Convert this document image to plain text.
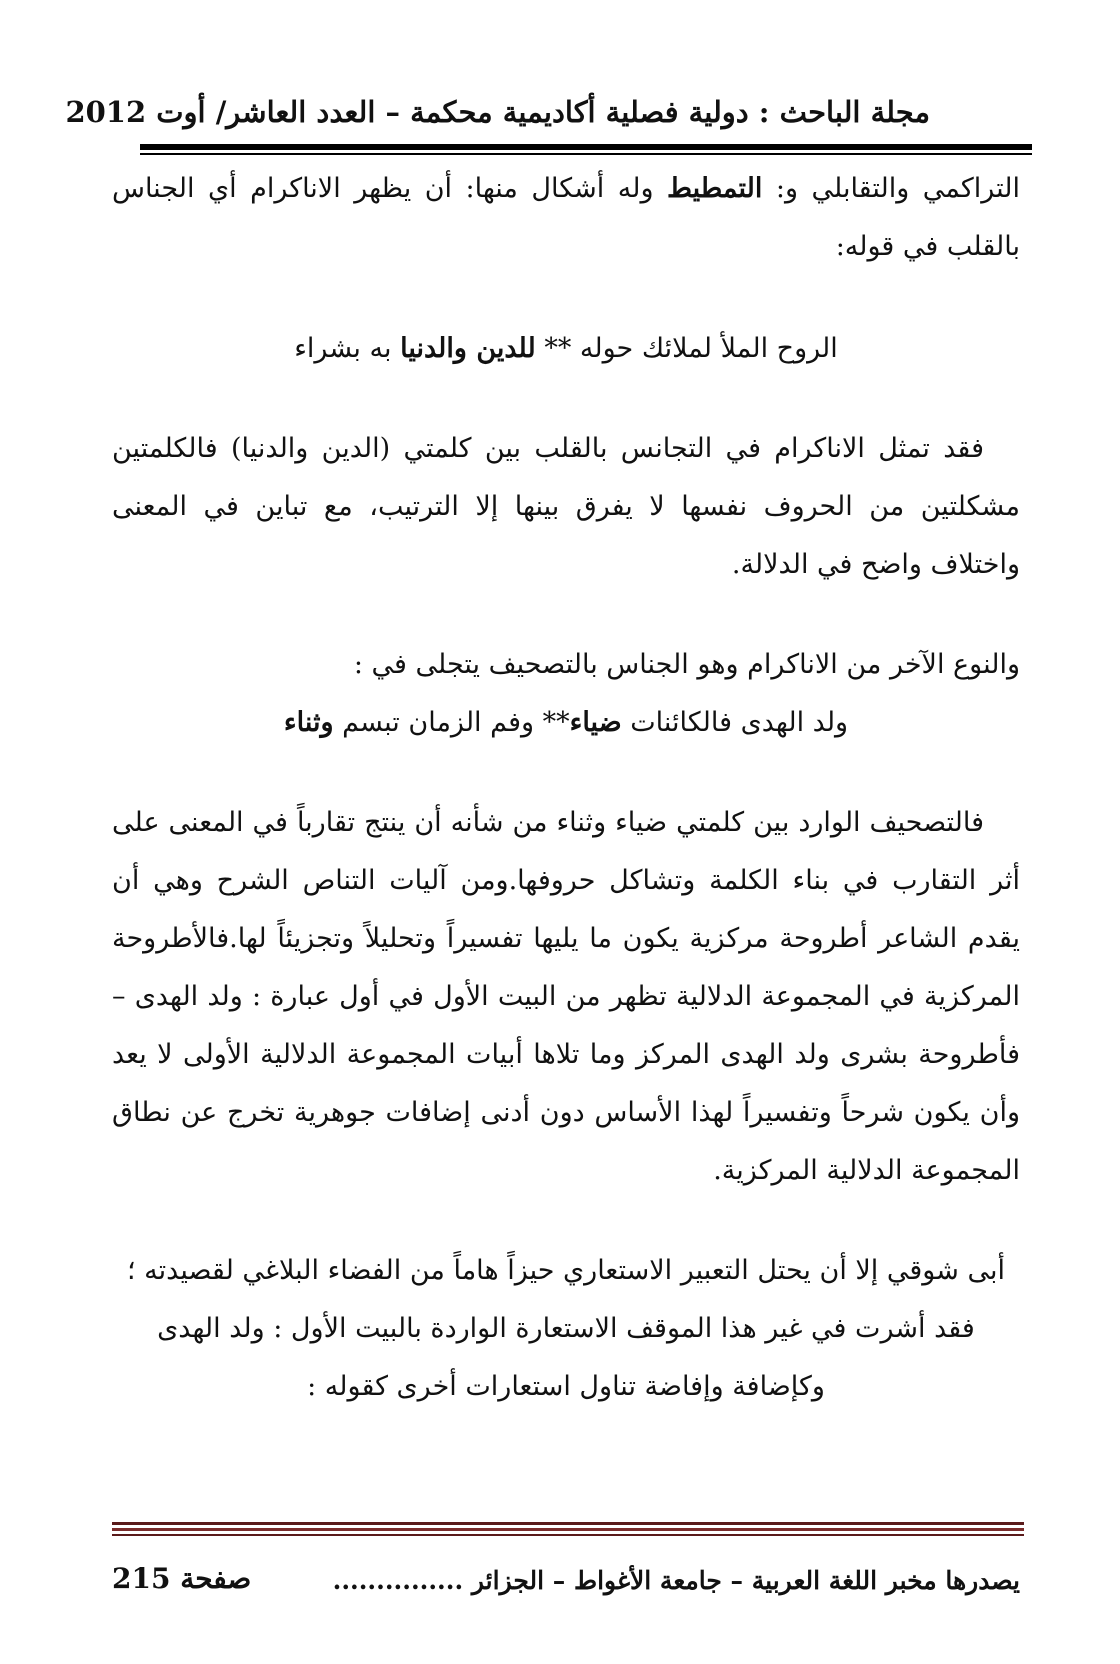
مجلة الباحث : دولية فصلية أكاديمية محكمة – العدد العاشر/ أوت 2012

التراكمي والتقابلي و: التمطيط وله أشكال منها: أن يظهر الاناكرام أي الجناس بالقلب في قوله:

الروح الملأ لملائك حوله ** للدين والدنيا به بشراء

فقد تمثل الاناكرام في التجانس بالقلب بين كلمتي (الدين والدنيا) فالكلمتين مشكلتين من الحروف نفسها لا يفرق بينها إلا الترتيب، مع تباين في المعنى واختلاف واضح في الدلالة.

والنوع الآخر من الاناكرام وهو الجناس بالتصحيف يتجلى في :

ولد الهدى فالكائنات ضياء** وفم الزمان تبسم وثناء

فالتصحيف الوارد بين كلمتي ضياء وثناء من شأنه أن ينتج تقارباً في المعنى على أثر التقارب في بناء الكلمة وتشاكل حروفها.ومن آليات التناص الشرح وهي أن يقدم الشاعر أطروحة مركزية يكون ما يليها تفسيراً وتحليلاً وتجزيئاً لها.فالأطروحة المركزية في المجموعة الدلالية تظهر من البيت الأول في أول عبارة : ولد الهدى – فأطروحة بشرى ولد الهدى المركز وما تلاها أبيات المجموعة الدلالية الأولى لا يعد وأن يكون شرحاً وتفسيراً لهذا الأساس دون أدنى إضافات جوهرية تخرج عن نطاق المجموعة الدلالية المركزية.

أبى شوقي إلا أن يحتل التعبير الاستعاري حيزاً هاماً من الفضاء البلاغي لقصيدته ؛

فقد أشرت في غير هذا الموقف الاستعارة الواردة بالبيت الأول : ولد الهدى

وكإضافة وإفاضة تناول استعارات أخرى كقوله :

يصدرها مخبر اللغة العربية – جامعة الأغواط – الجزائر ...............
صفحة 215
